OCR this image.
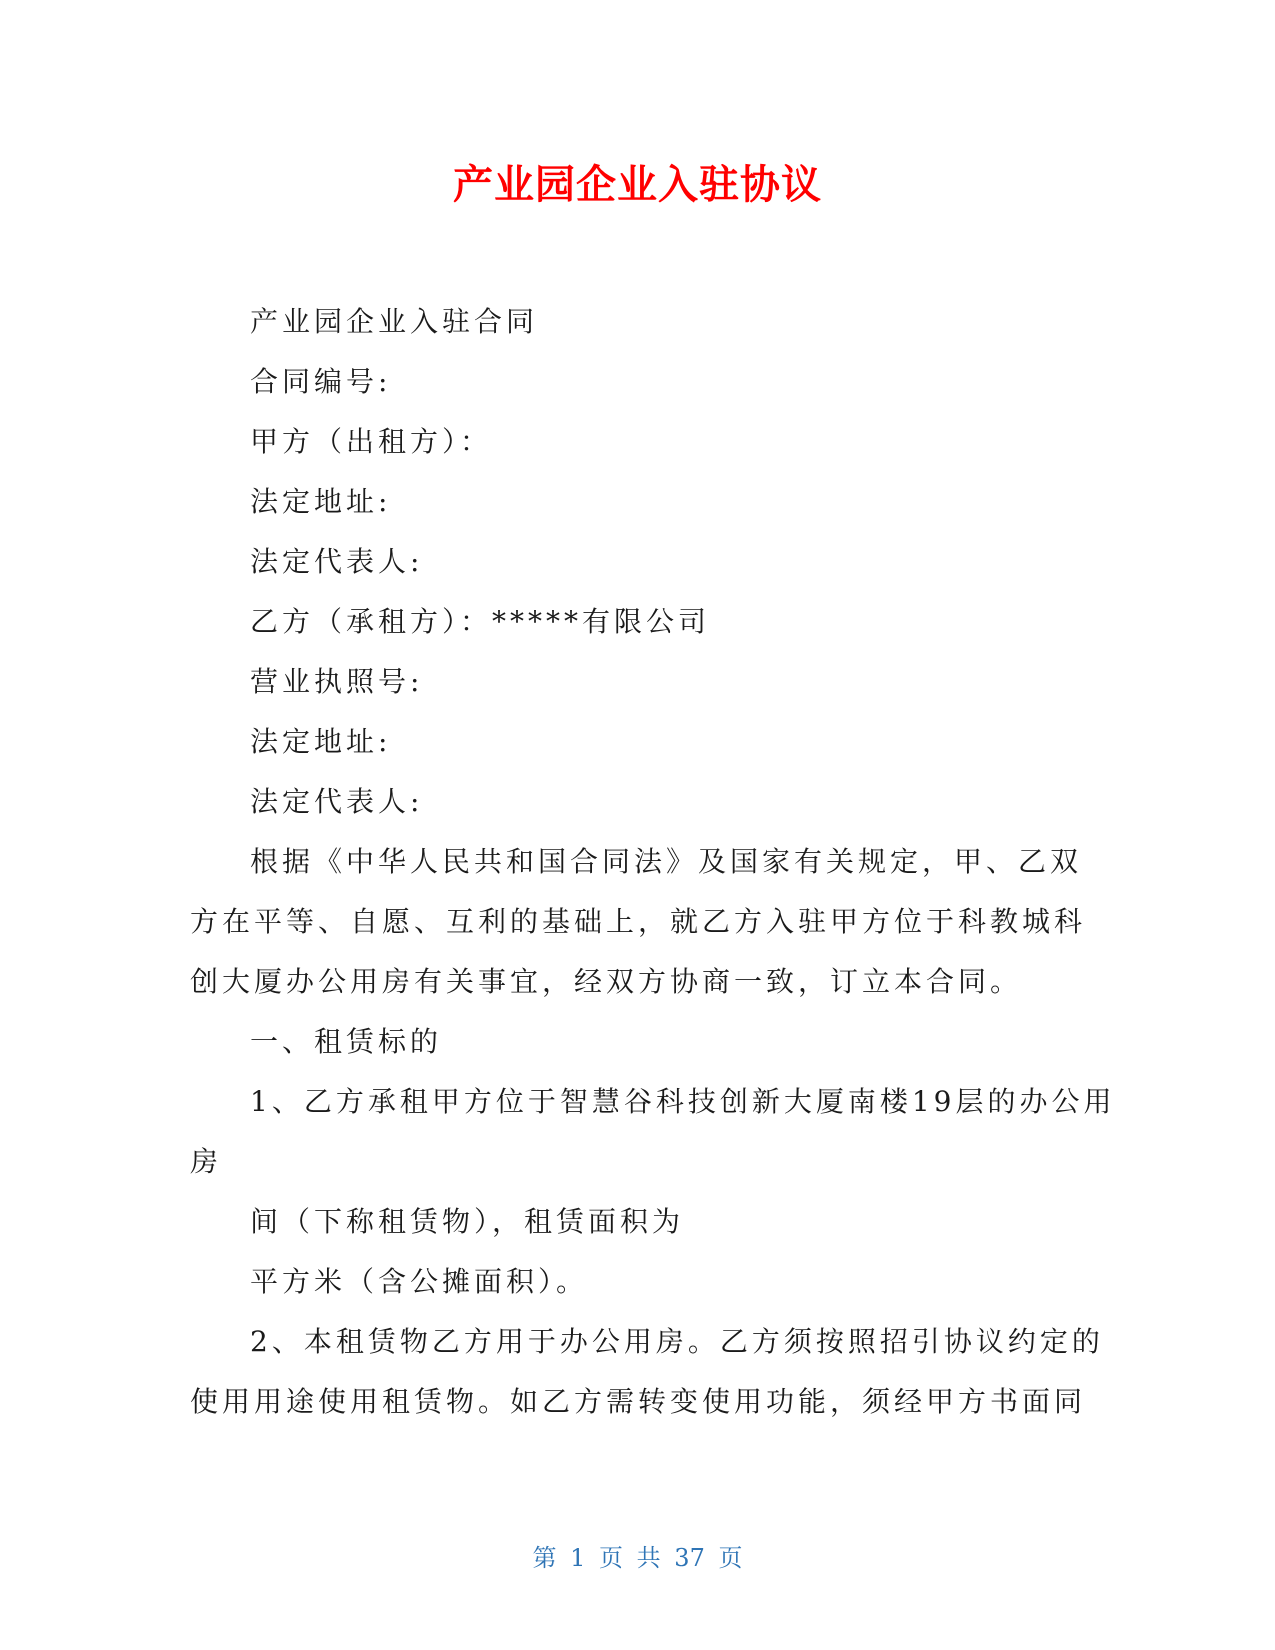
产业园企业入驻协议
产业园企业入驻合同
合同编号:
甲方（出租方）：
法定地址:
法定代表人:
乙方（承租方）：*****有限公司
营业执照号:
法定地址:
法定代表人:
根据《中华人民共和国合同法》及国家有关规定，甲、乙双
方在平等、自愿、互利的基础上，就乙方入驻甲方位于科教城科
创大厦办公用房有关事宜，经双方协商一致，订立本合同。
一、租赁标的
1、乙方承租甲方位于智慧谷科技创新大厦南楼19层的办公用
房
间（下称租赁物），租赁面积为
平方米（含公摊面积）。
2、本租赁物乙方用于办公用房。乙方须按照招引协议约定的
使用用途使用租赁物。如乙方需转变使用功能，须经甲方书面同
第 1 页 共 37 页
